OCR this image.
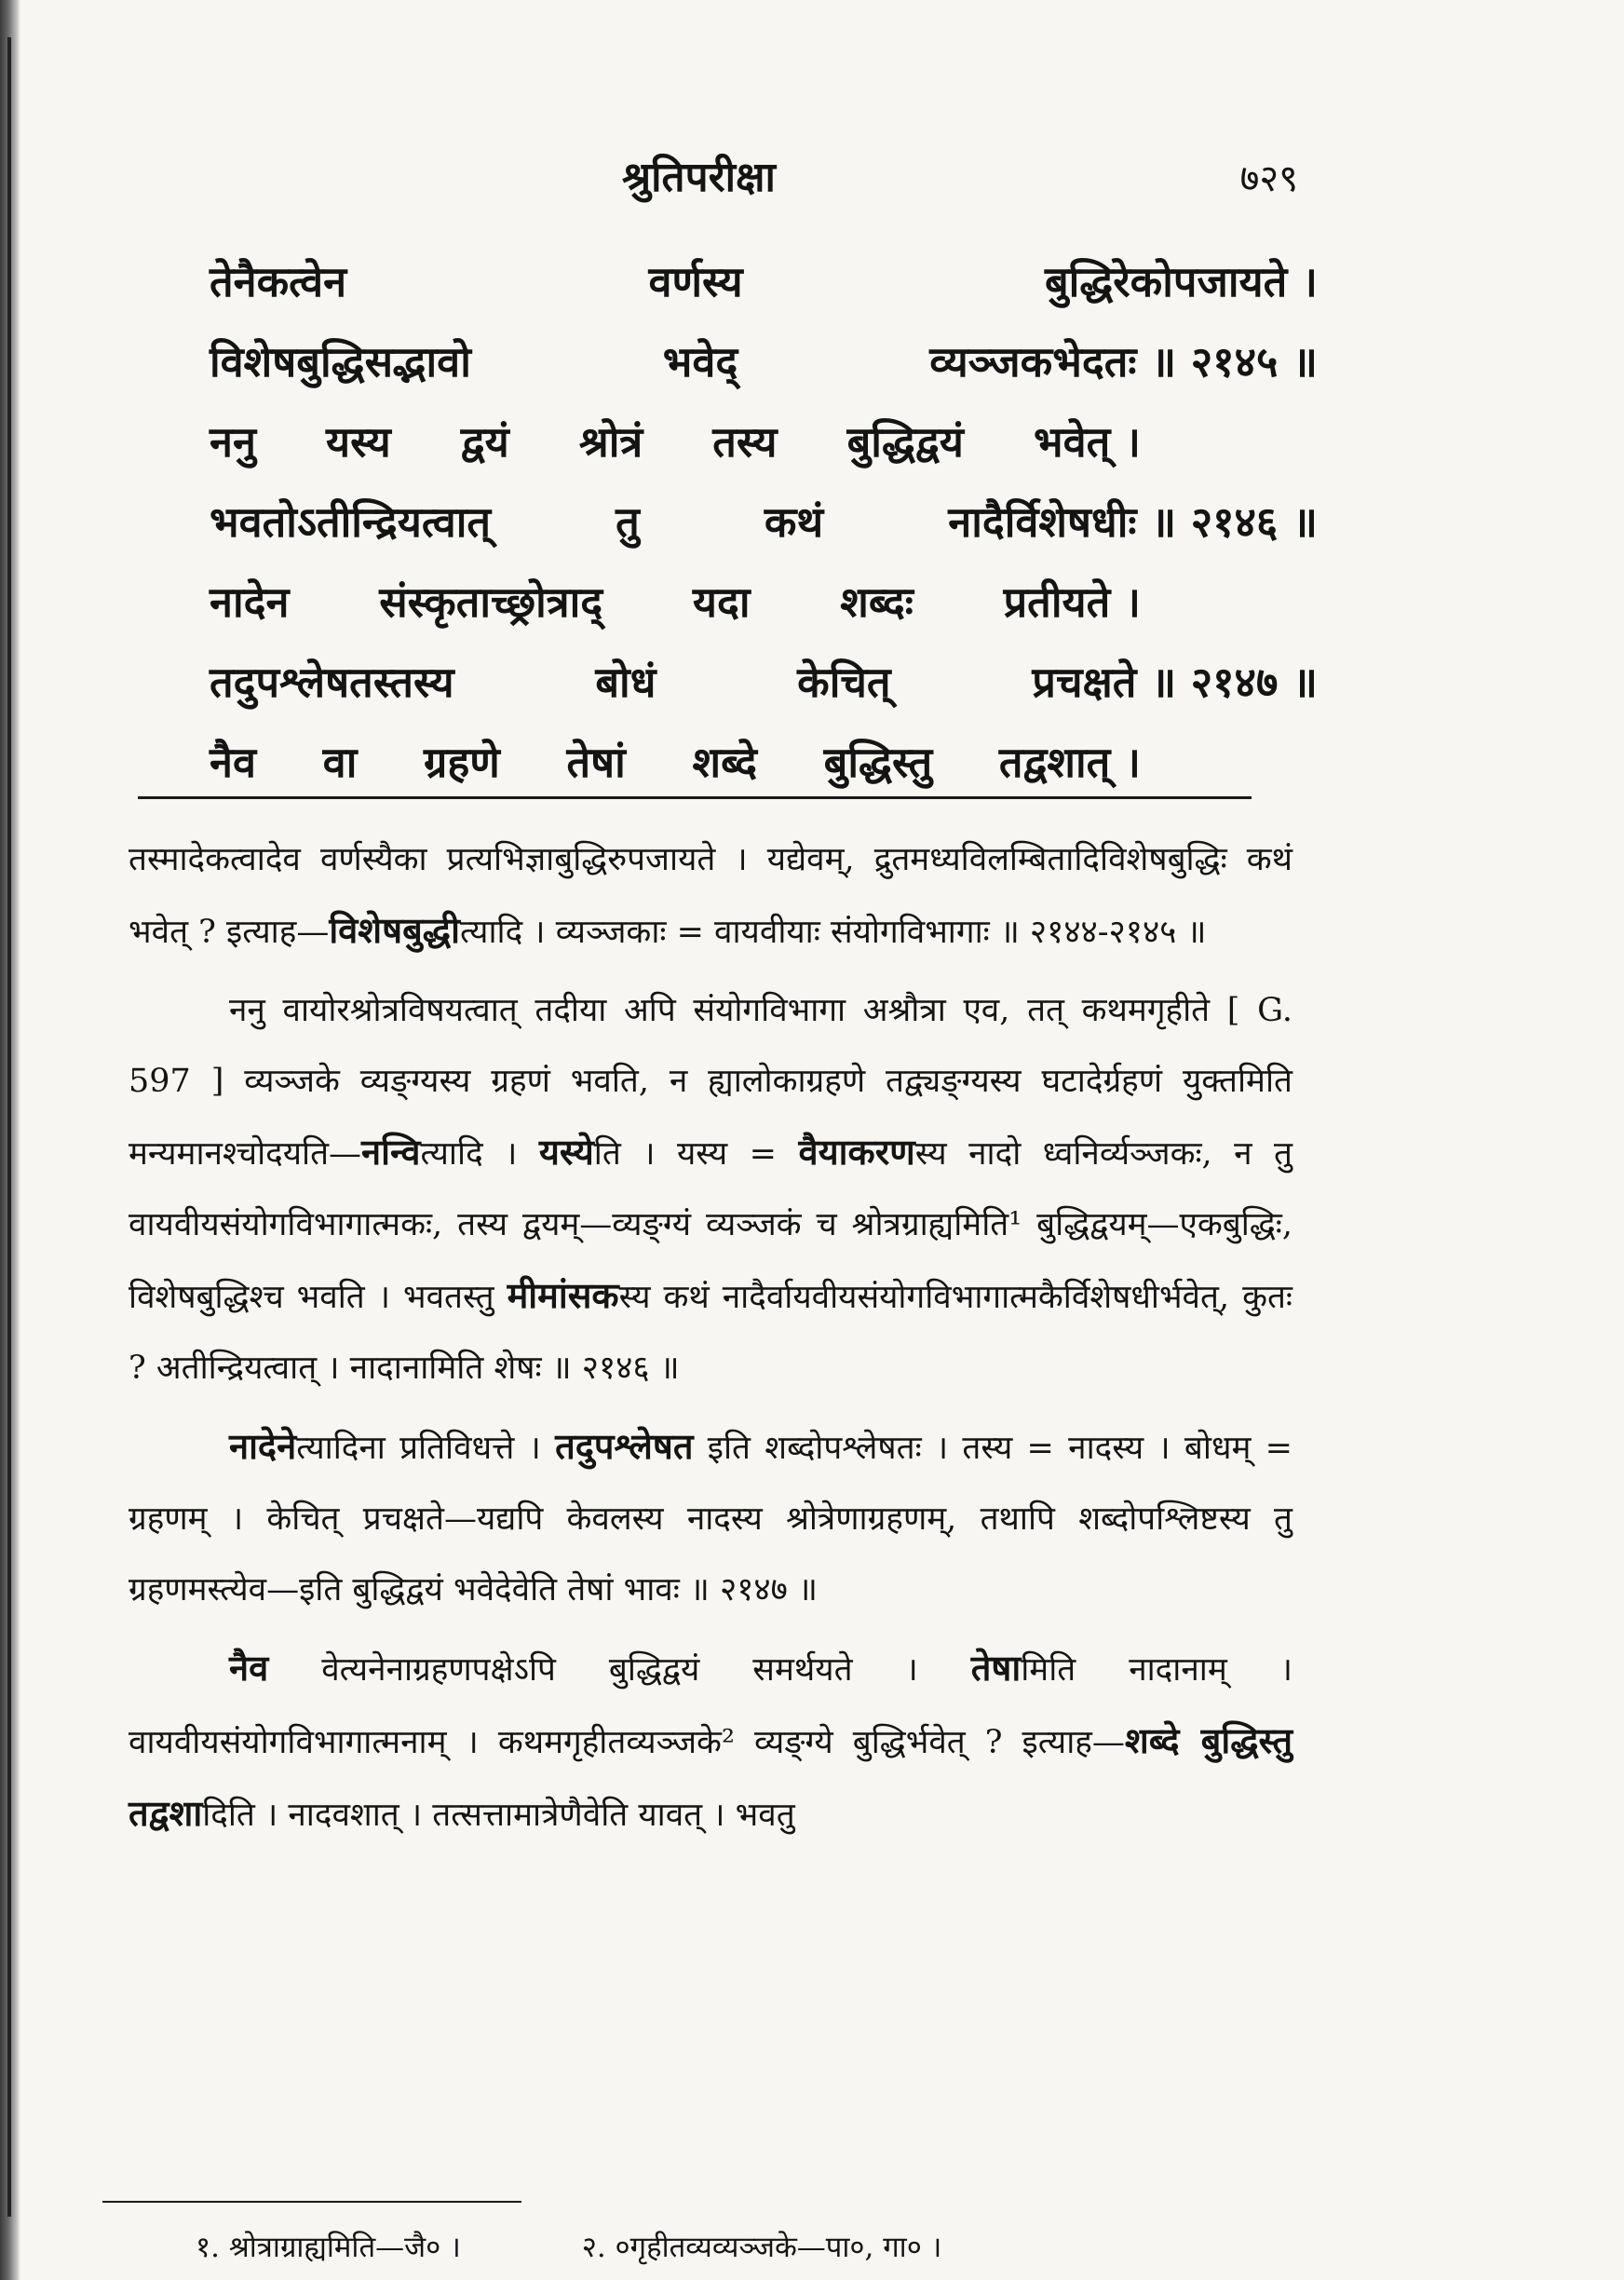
श्रुतिपरीक्षा	७२९
तेनैकत्वेन	वर्णस्य	बुद्धिरेकोपजायते ।
विशेषबुद्धिसद्भावो	भवेद्	व्यञ्जकभेदतः ॥ २१४५ ॥
ननु यस्य द्वयं श्रोत्रं तस्य बुद्धिद्वयं भवेत् ।
भवतोऽतीन्द्रियत्वात्	तु	कथं	नादैर्विशेषधीः ॥ २१४६ ॥
नादेन संस्कृताच्छ्रोत्राद् यदा शब्दः प्रतीयते ।
तदुपश्लेषतस्तस्य	बोधं	केचित्	प्रचक्षते ॥ २१४७ ॥
नैव वा ग्रहणे तेषां शब्दे बुद्धिस्तु तद्वशात् ।

तस्मादेकत्वादेव वर्णस्यैका प्रत्यभिज्ञाबुद्धिरुपजायते । यद्येवम्, द्रुतमध्यविलम्बितादिविशेषबुद्धिः कथं भवेत् ? इत्याह—विशेषबुद्धीत्यादि । व्यञ्जकाः = वायवीयाः संयोगविभागाः ॥ २१४४-२१४५ ॥

ननु वायोरश्रोत्रविषयत्वात् तदीया अपि संयोगविभागा अश्रौत्रा एव, तत् कथमगृहीते [ G. 597 ] व्यञ्जके व्यङ्ग्यस्य ग्रहणं भवति, न ह्यालोकाग्रहणे तद्व्यङ्ग्यस्य घटादेर्ग्रहणं युक्तमिति मन्यमानश्चोदयति—नन्वित्यादि । यस्येति । यस्य = वैयाकरणस्य नादो ध्वनिर्व्यञ्जकः, न तु वायवीयसंयोगविभागात्मकः, तस्य द्वयम्—व्यङ्ग्यं व्यञ्जकं च श्रोत्रग्राह्यमिति¹ बुद्धिद्वयम्—एकबुद्धिः, विशेषबुद्धिश्च भवति । भवतस्तु मीमांसकस्य कथं नादैर्वायवीयसंयोगविभागात्मकैर्विशेषधीर्भवेत्, कुतः ? अतीन्द्रियत्वात् । नादानामिति शेषः ॥ २१४६ ॥

नादेनेत्यादिना प्रतिविधत्ते । तदुपश्लेषत इति शब्दोपश्लेषतः । तस्य = नादस्य । बोधम् = ग्रहणम् । केचित् प्रचक्षते—यद्यपि केवलस्य नादस्य श्रोत्रेणाग्रहणम्, तथापि शब्दोपश्लिष्टस्य तु ग्रहणमस्त्येव—इति बुद्धिद्वयं भवेदेवेति तेषां भावः ॥ २१४७ ॥

नैव वेत्यनेनाग्रहणपक्षेऽपि बुद्धिद्वयं समर्थयते । तेषामिति नादानाम् । वायवीयसंयोगविभागात्मनाम् । कथमगृहीतव्यञ्जके² व्यङ्ग्ये बुद्धिर्भवेत् ? इत्याह—शब्दे बुद्धिस्तु तद्वशादिति । नादवशात् । तत्सत्तामात्रेणैवेति यावत् । भवतु

१. श्रोत्राग्राह्यमिति—जै० ।	२. ०गृहीतव्यव्यञ्जके—पा०, गा० ।
